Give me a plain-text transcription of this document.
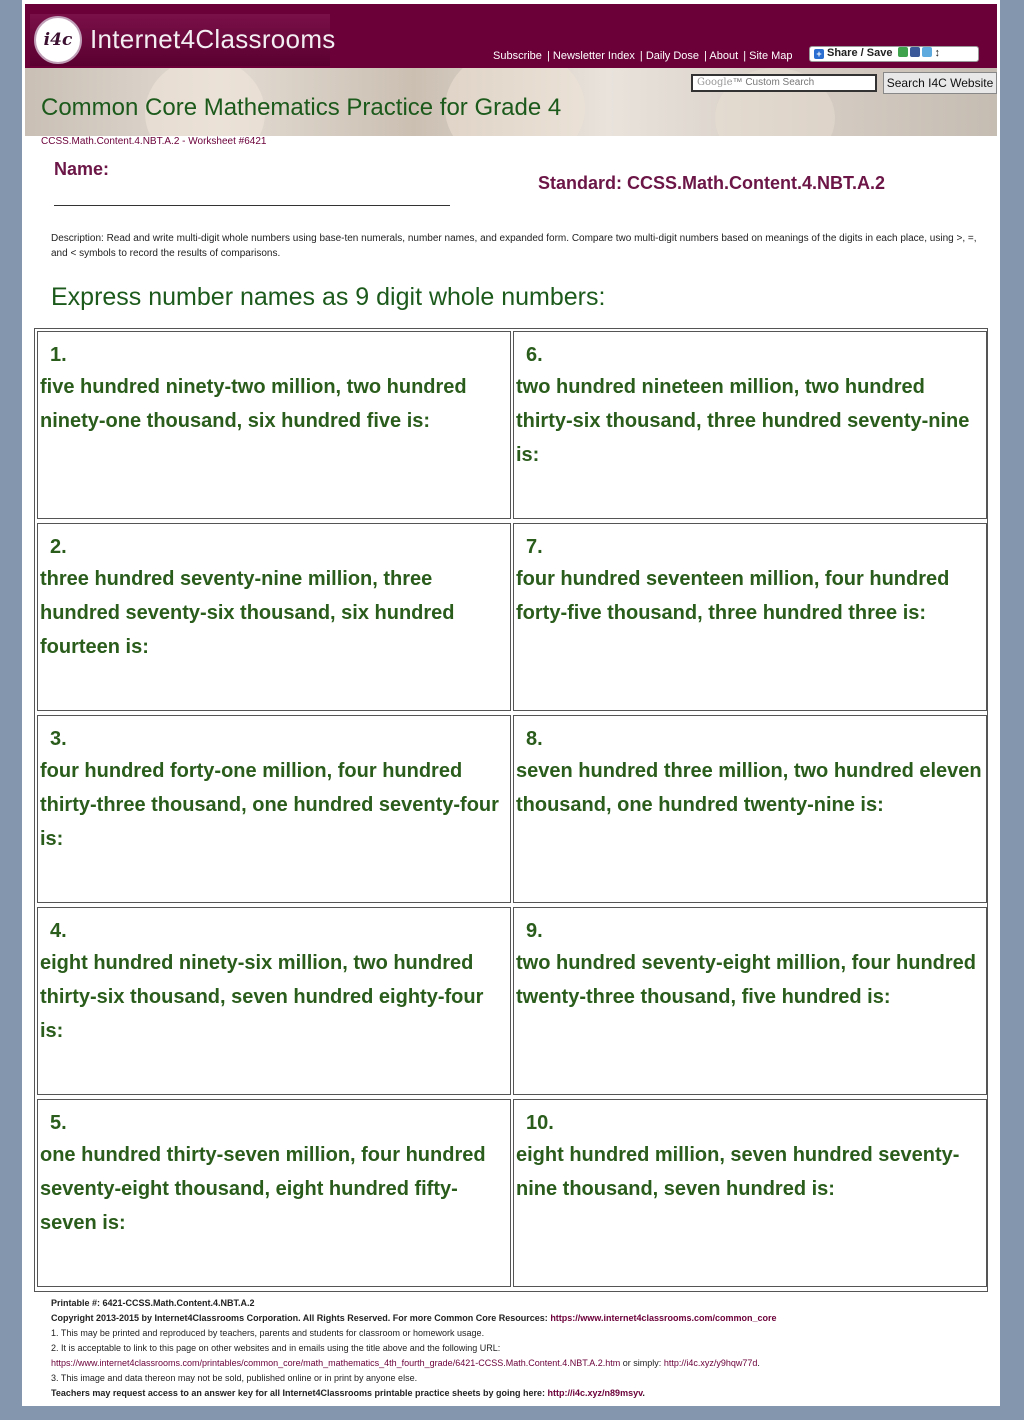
i4c Internet4Classrooms
Subscribe | Newsletter Index | Daily Dose | About | Site Map	+ Share / Save	↕
Google™ Custom Search	Search I4C Website
Common Core Mathematics Practice for Grade 4
CCSS.Math.Content.4.NBT.A.2 - Worksheet #6421
Name:
Standard: CCSS.Math.Content.4.NBT.A.2
Description: Read and write multi-digit whole numbers using base-ten numerals, number names, and expanded form. Compare two multi-digit numbers based on meanings of the digits in each place, using >, =, and < symbols to record the results of comparisons.
Express number names as 9 digit whole numbers:
1.
five hundred ninety-two million, two hundred ninety-one thousand, six hundred five is:
2.
three hundred seventy-nine million, three hundred seventy-six thousand, six hundred fourteen is:
3.
four hundred forty-one million, four hundred thirty-three thousand, one hundred seventy-four is:
4.
eight hundred ninety-six million, two hundred thirty-six thousand, seven hundred eighty-four is:
5.
one hundred thirty-seven million, four hundred seventy-eight thousand, eight hundred fifty-seven is:
6.
two hundred nineteen million, two hundred thirty-six thousand, three hundred seventy-nine is:
7.
four hundred seventeen million, four hundred forty-five thousand, three hundred three is:
8.
seven hundred three million, two hundred eleven thousand, one hundred twenty-nine is:
9.
two hundred seventy-eight million, four hundred twenty-three thousand, five hundred is:
10.
eight hundred million, seven hundred seventy-nine thousand, seven hundred is:
Printable #: 6421-CCSS.Math.Content.4.NBT.A.2
Copyright 2013-2015 by Internet4Classrooms Corporation. All Rights Reserved. For more Common Core Resources: https://www.internet4classrooms.com/common_core
1. This may be printed and reproduced by teachers, parents and students for classroom or homework usage.
2. It is acceptable to link to this page on other websites and in emails using the title above and the following URL:
https://www.internet4classrooms.com/printables/common_core/math_mathematics_4th_fourth_grade/6421-CCSS.Math.Content.4.NBT.A.2.htm or simply: http://i4c.xyz/y9hqw77d.
3. This image and data thereon may not be sold, published online or in print by anyone else.
Teachers may request access to an answer key for all Internet4Classrooms printable practice sheets by going here: http://i4c.xyz/n89msyv.
